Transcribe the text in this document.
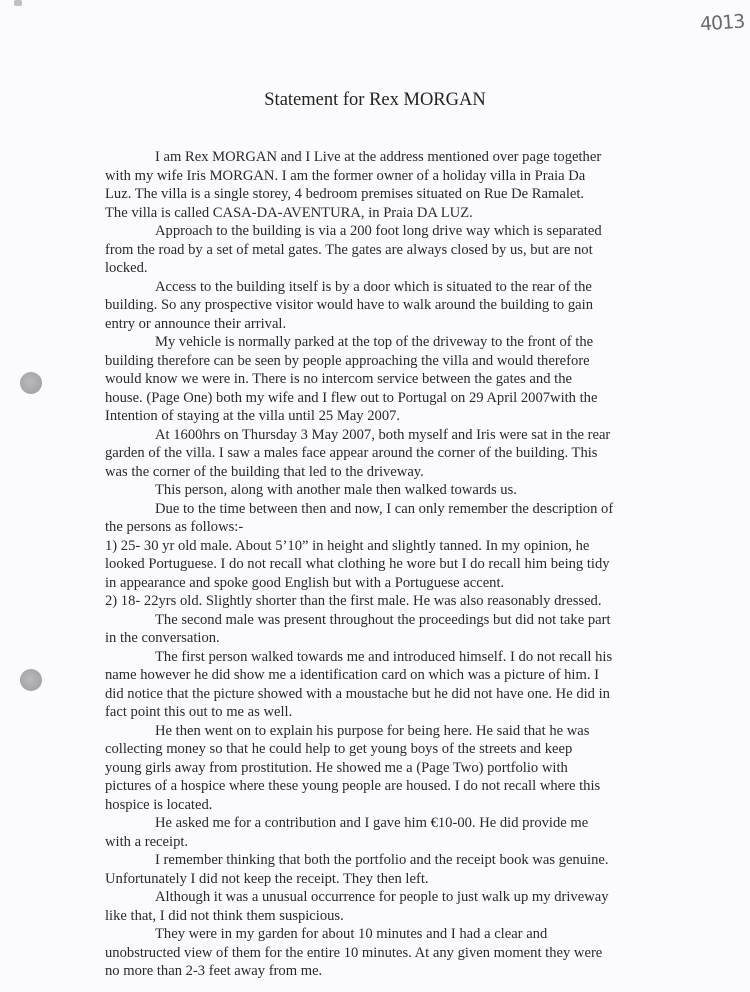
4013
Statement for Rex MORGAN
I am Rex MORGAN and I Live at the address mentioned over page together
with my wife Iris MORGAN. I am the former owner of a holiday villa in Praia Da
Luz. The villa is a single storey, 4 bedroom premises situated on Rue De Ramalet.
The villa is called CASA-DA-AVENTURA, in Praia DA LUZ.
Approach to the building is via a 200 foot long drive way which is separated
from the road by a set of metal gates. The gates are always closed by us, but are not
locked.
Access to the building itself is by a door which is situated to the rear of the
building. So any prospective visitor would have to walk around the building to gain
entry or announce their arrival.
My vehicle is normally parked at the top of the driveway to the front of the
building therefore can be seen by people approaching the villa and would therefore
would know we were in. There is no intercom service between the gates and the
house. (Page One) both my wife and I flew out to Portugal on 29 April 2007with the
Intention of staying at the villa until 25 May 2007.
At 1600hrs on Thursday 3 May 2007, both myself and Iris were sat in the rear
garden of the villa. I saw a males face appear around the corner of the building. This
was the corner of the building that led to the driveway.
This person, along with another male then walked towards us.
Due to the time between then and now, I can only remember the description of
the persons as follows:-
1) 25- 30 yr old male. About 5’10” in height and slightly tanned. In my opinion, he
looked Portuguese. I do not recall what clothing he wore but I do recall him being tidy
in appearance and spoke good English but with a Portuguese accent.
2) 18- 22yrs old. Slightly shorter than the first male. He was also reasonably dressed.
The second male was present throughout the proceedings but did not take part
in the conversation.
The first person walked towards me and introduced himself. I do not recall his
name however he did show me a identification card on which was a picture of him. I
did notice that the picture showed with a moustache but he did not have one. He did in
fact point this out to me as well.
He then went on to explain his purpose for being here. He said that he was
collecting money so that he could help to get young boys of the streets and keep
young girls away from prostitution. He showed me a (Page Two) portfolio with
pictures of a hospice where these young people are housed. I do not recall where this
hospice is located.
He asked me for a contribution and I gave him €10-00. He did provide me
with a receipt.
I remember thinking that both the portfolio and the receipt book was genuine.
Unfortunately I did not keep the receipt. They then left.
Although it was a unusual occurrence for people to just walk up my driveway
like that, I did not think them suspicious.
They were in my garden for about 10 minutes and I had a clear and
unobstructed view of them for the entire 10 minutes. At any given moment they were
no more than 2-3 feet away from me.
